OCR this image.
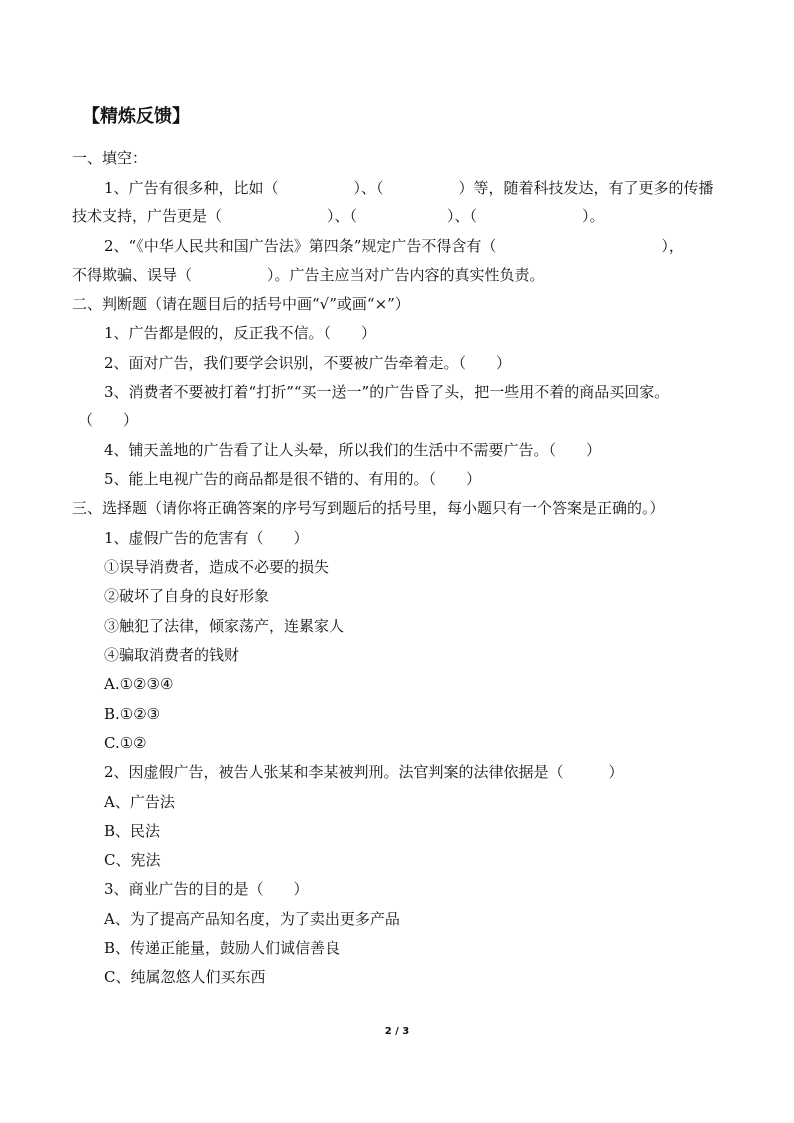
【精炼反馈】
一、填空：
1、广告有很多种，比如（　　　　　）、（　　　　　）等，随着科技发达，有了更多的传播
技术支持，广告更是（　　　　　　　）、（　　　　　　）、（　　　　　　　）。
2、“《中华人民共和国广告法》第四条”规定广告不得含有（　　　　　　　　　　　），
不得欺骗、误导（　　　　　）。广告主应当对广告内容的真实性负责。
二、判断题（请在题目后的括号中画“√”或画“×”）
1、广告都是假的，反正我不信。（　　）
2、面对广告，我们要学会识别，不要被广告牵着走。（　　）
3、消费者不要被打着“打折”“买一送一”的广告昏了头，把一些用不着的商品买回家。
（　　）
4、铺天盖地的广告看了让人头晕，所以我们的生活中不需要广告。（　　）
5、能上电视广告的商品都是很不错的、有用的。（　　）
三、选择题（请你将正确答案的序号写到题后的括号里，每小题只有一个答案是正确的。）
1、虚假广告的危害有（　　）
①误导消费者，造成不必要的损失
②破坏了自身的良好形象
③触犯了法律，倾家荡产，连累家人
④骗取消费者的钱财
A.①②③④
B.①②③
C.①②
2、因虚假广告，被告人张某和李某被判刑。法官判案的法律依据是（　　　）
A、广告法
B、民法
C、宪法
3、商业广告的目的是（　　）
A、为了提高产品知名度，为了卖出更多产品
B、传递正能量，鼓励人们诚信善良
C、纯属忽悠人们买东西
2 / 3
